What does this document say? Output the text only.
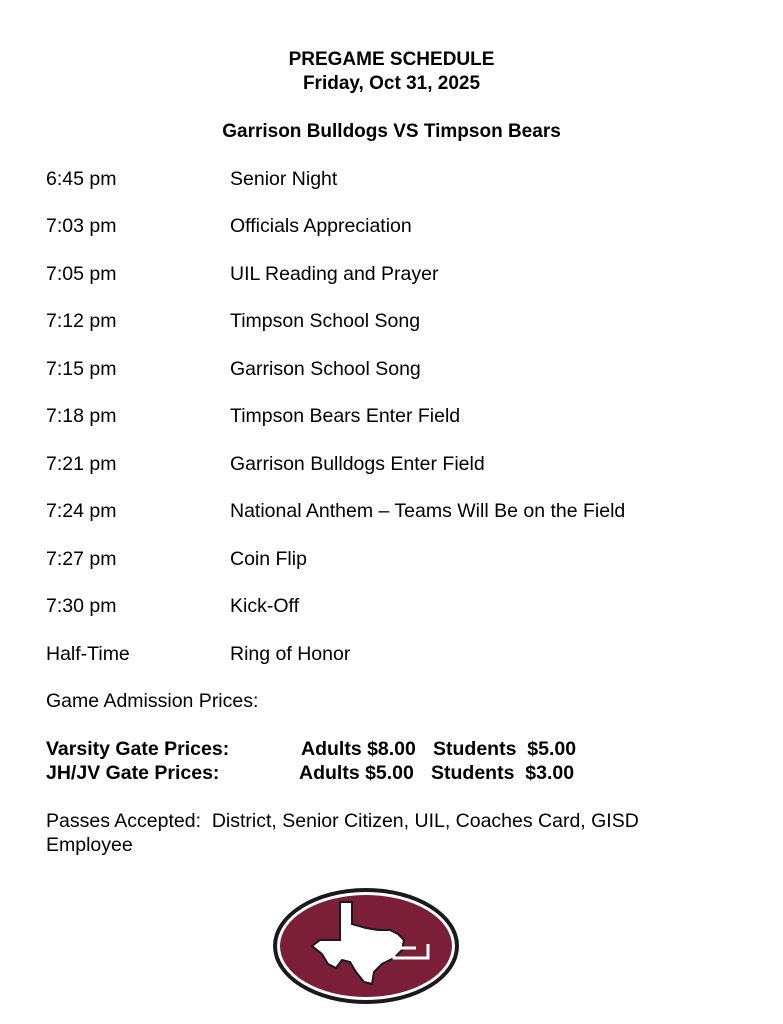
PREGAME SCHEDULE
Friday, Oct 31, 2025
Garrison Bulldogs VS Timpson Bears
6:45 pm	Senior Night
7:03 pm	Officials Appreciation
7:05 pm	UIL Reading and Prayer
7:12 pm	Timpson School Song
7:15 pm	Garrison School Song
7:18 pm	Timpson Bears Enter Field
7:21 pm	Garrison Bulldogs Enter Field
7:24 pm	National Anthem – Teams Will Be on the Field
7:27 pm	Coin Flip
7:30 pm	Kick-Off
Half-Time	Ring of Honor
Game Admission Prices:
Varsity Gate Prices:	Adults $8.00 Students  $5.00
JH/JV Gate Prices:	Adults $5.00 Students  $3.00
Passes Accepted:  District, Senior Citizen, UIL, Coaches Card, GISD Employee
